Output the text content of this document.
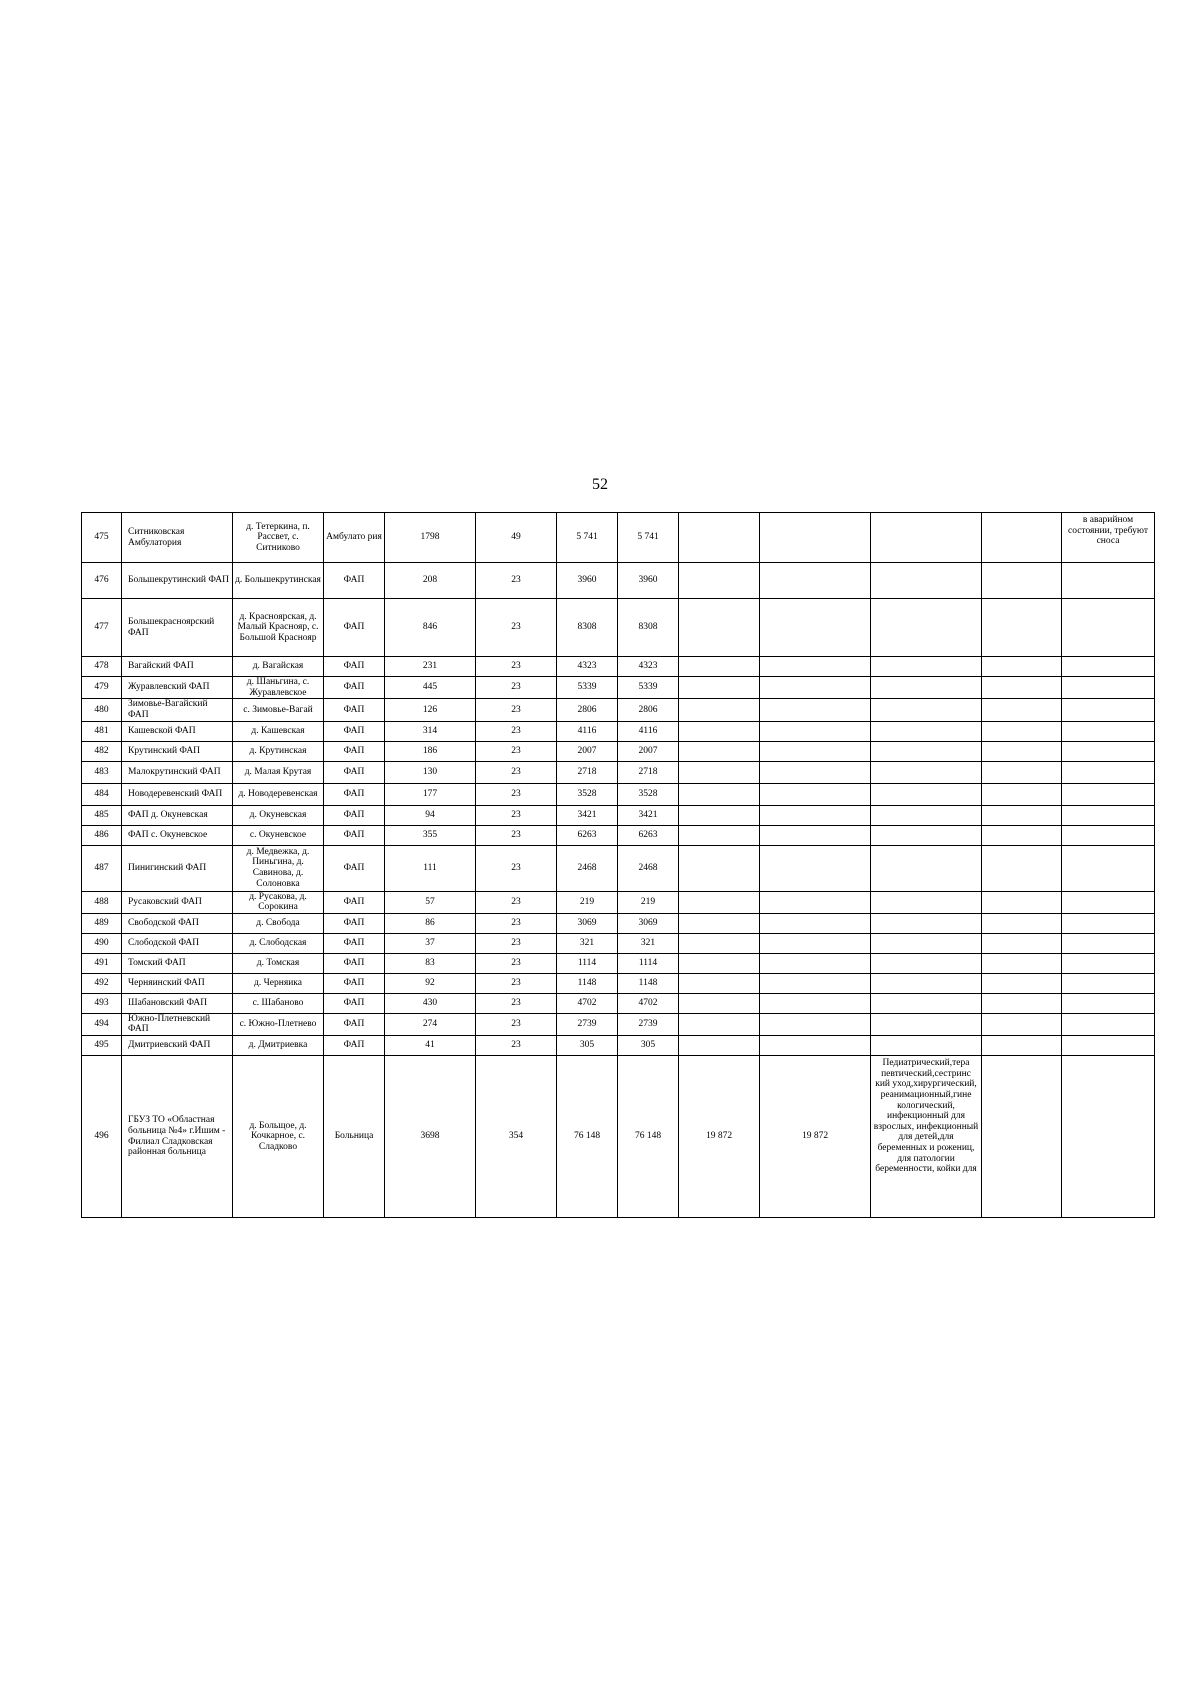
52
475	Ситниковская Амбулатория	д. Тетеркина, п. Рассвет, с. Ситниково	Амбулато рия	1798	49	5 741	5 741					в аварийном состоянии, требуют сноса
476	Большекрутинский ФАП	д. Большекрутинская	ФАП	208	23	3960	3960					
477	Большекрасноярский ФАП	д. Красноярская, д. Малый Краснояр, с. Большой Краснояр	ФАП	846	23	8308	8308					
478	Вагайский ФАП	д. Вагайская	ФАП	231	23	4323	4323					
479	Журавлевский ФАП	д. Шаньгина, с. Журавлевское	ФАП	445	23	5339	5339					
480	Зимовье-Вагайский ФАП	с. Зимовье-Вагай	ФАП	126	23	2806	2806					
481	Кашевской ФАП	д. Кашевская	ФАП	314	23	4116	4116					
482	Крутинский ФАП	д. Крутинская	ФАП	186	23	2007	2007					
483	Малокрутинский ФАП	д. Малая Крутая	ФАП	130	23	2718	2718					
484	Новодеревенский ФАП	д. Новодеревенская	ФАП	177	23	3528	3528					
485	ФАП д. Окуневская	д. Окуневская	ФАП	94	23	3421	3421					
486	ФАП с. Окуневское	с. Окуневское	ФАП	355	23	6263	6263					
487	Пинигинский ФАП	д. Медвежка, д. Пиньгина, д. Савинова, д. Солоновка	ФАП	111	23	2468	2468					
488	Русаковский ФАП	д. Русакова, д. Сорокина	ФАП	57	23	219	219					
489	Свободской ФАП	д. Свобода	ФАП	86	23	3069	3069					
490	Слободской ФАП	д. Слободская	ФАП	37	23	321	321					
491	Томский ФАП	д. Томская	ФАП	83	23	1114	1114					
492	Черняинский ФАП	д. Черняика	ФАП	92	23	1148	1148					
493	Шабановский ФАП	с. Шабаново	ФАП	430	23	4702	4702					
494	Южно-Плетневский ФАП	с. Южно-Плетнево	ФАП	274	23	2739	2739					
495	Дмитриевский ФАП	д. Дмитриевка	ФАП	41	23	305	305					
496	ГБУЗ ТО «Областная больница №4» г.Ишим - Филиал Сладковская районная больница	д. Больщое, д. Кочкарное, с. Сладково	Больница	3698	354	76 148	76 148	19 872	19 872	Педиатрический,тера певтический,сестринс кий уход,хирургический, реанимационный,гине кологический, инфекционный для взрослых, инфекционный для детей,для беременных и рожениц, для патологии беременности, койки для		
